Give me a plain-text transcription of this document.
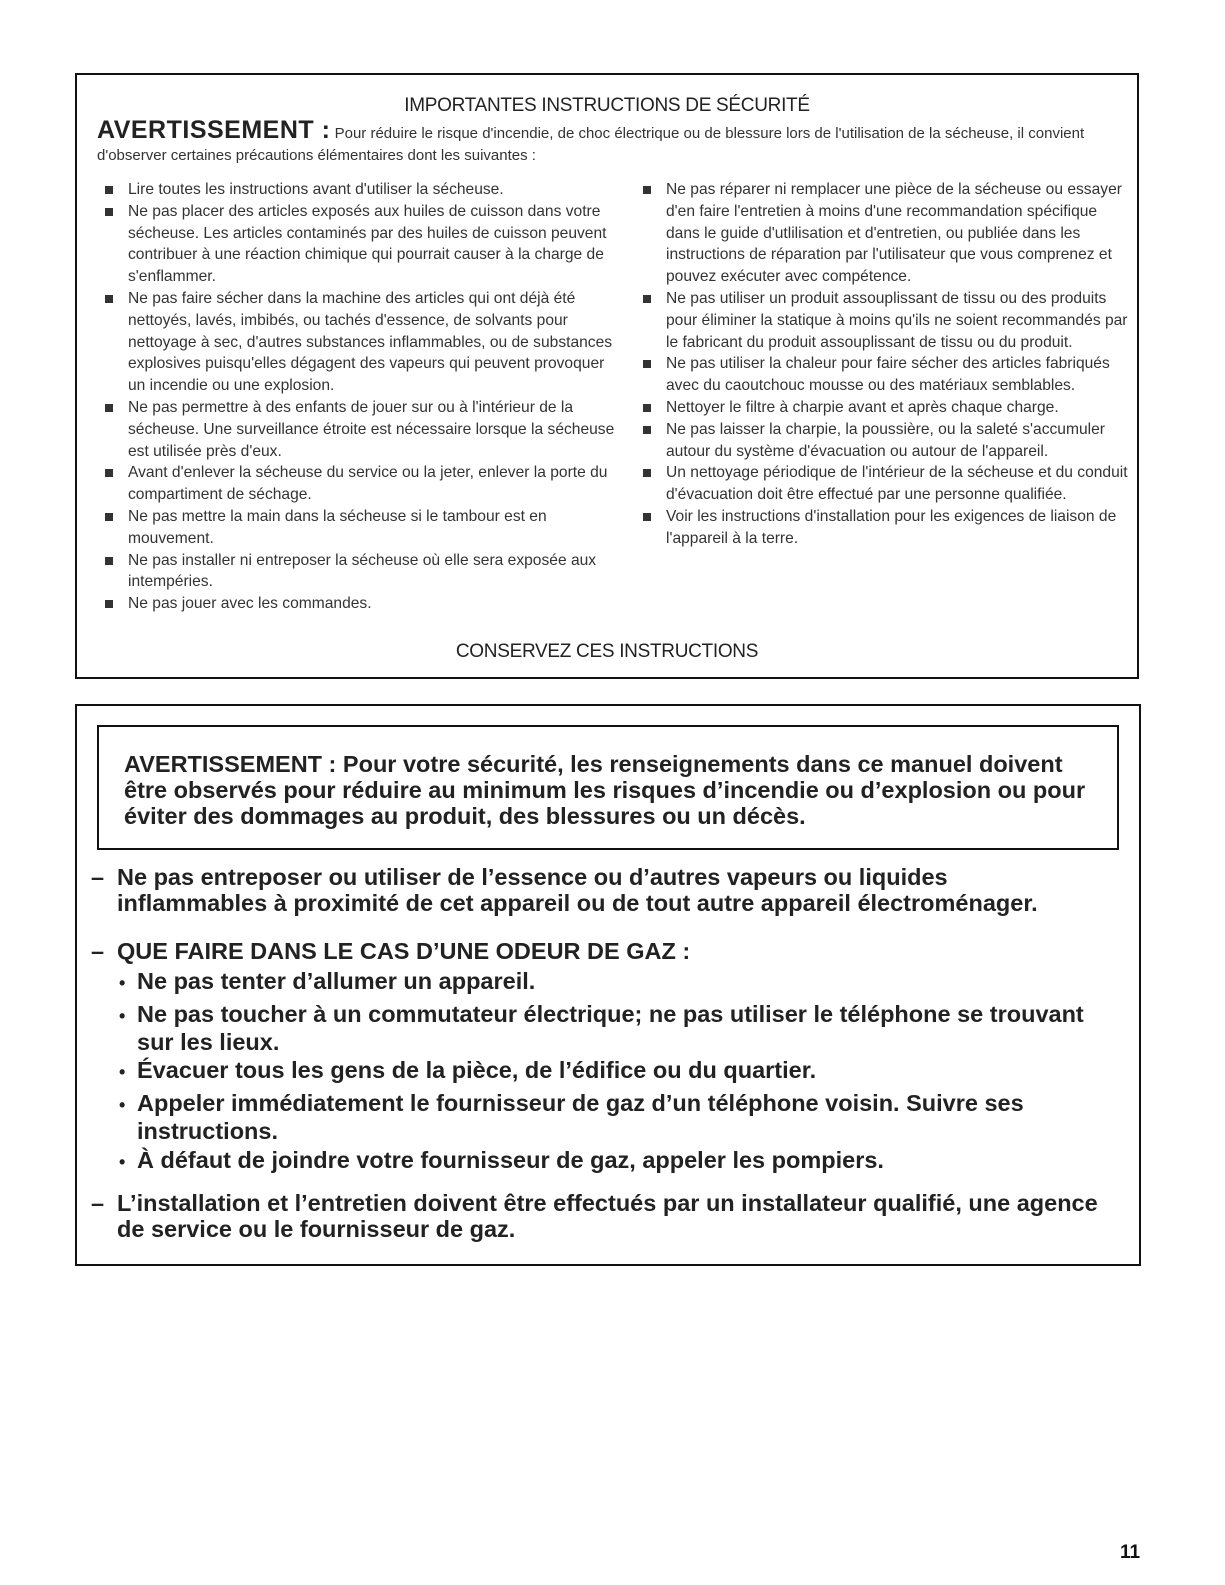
IMPORTANTES INSTRUCTIONS DE SÉCURITÉ
AVERTISSEMENT : Pour réduire le risque d'incendie, de choc électrique ou de blessure lors de l'utilisation de la sécheuse, il convient d'observer certaines précautions élémentaires dont les suivantes :
Lire toutes les instructions avant d'utiliser la sécheuse.
Ne pas placer des articles exposés aux huiles de cuisson dans votre sécheuse. Les articles contaminés par des huiles de cuisson peuvent contribuer à une réaction chimique qui pourrait causer à la charge de s'enflammer.
Ne pas faire sécher dans la machine des articles qui ont déjà été nettoyés, lavés, imbibés, ou tachés d'essence, de solvants pour nettoyage à sec, d'autres substances inflammables, ou de substances explosives puisqu'elles dégagent des vapeurs qui peuvent provoquer un incendie ou une explosion.
Ne pas permettre à des enfants de jouer sur ou à l'intérieur de la sécheuse. Une surveillance étroite est nécessaire lorsque la sécheuse est utilisée près d'eux.
Avant d'enlever la sécheuse du service ou la jeter, enlever la porte du compartiment de séchage.
Ne pas mettre la main dans la sécheuse si le tambour est en mouvement.
Ne pas installer ni entreposer la sécheuse où elle sera exposée aux intempéries.
Ne pas jouer avec les commandes.
Ne pas réparer ni remplacer une pièce de la sécheuse ou essayer d'en faire l'entretien à moins d'une recommandation spécifique dans le guide d'utlilisation et d'entretien, ou publiée dans les instructions de réparation par l'utilisateur que vous comprenez et pouvez exécuter avec compétence.
Ne pas utiliser un produit assouplissant de tissu ou des produits pour éliminer la statique à moins qu'ils ne soient recommandés par le fabricant du produit assouplissant de tissu ou du produit.
Ne pas utiliser la chaleur pour faire sécher des articles fabriqués avec du caoutchouc mousse ou des matériaux semblables.
Nettoyer le filtre à charpie avant et après chaque charge.
Ne pas laisser la charpie, la poussière, ou la saleté s'accumuler autour du système d'évacuation ou autour de l'appareil.
Un nettoyage périodique de l'intérieur de la sécheuse et du conduit d'évacuation doit être effectué par une personne qualifiée.
Voir les instructions d'installation pour les exigences de liaison de l'appareil à la terre.
CONSERVEZ CES INSTRUCTIONS

AVERTISSEMENT : Pour votre sécurité, les renseignements dans ce manuel doivent être observés pour réduire au minimum les risques d’incendie ou d’explosion ou pour éviter des dommages au produit, des blessures ou un décès.

– Ne pas entreposer ou utiliser de l’essence ou d’autres vapeurs ou liquides inflammables à proximité de cet appareil ou de tout autre appareil électroménager.
– QUE FAIRE DANS LE CAS D’UNE ODEUR DE GAZ :
• Ne pas tenter d’allumer un appareil.
• Ne pas toucher à un commutateur électrique; ne pas utiliser le téléphone se trouvant sur les lieux.
• Évacuer tous les gens de la pièce, de l’édifice ou du quartier.
• Appeler immédiatement le fournisseur de gaz d’un téléphone voisin. Suivre ses instructions.
• À défaut de joindre votre fournisseur de gaz, appeler les pompiers.
– L’installation et l’entretien doivent être effectués par un installateur qualifié, une agence de service ou le fournisseur de gaz.
11
